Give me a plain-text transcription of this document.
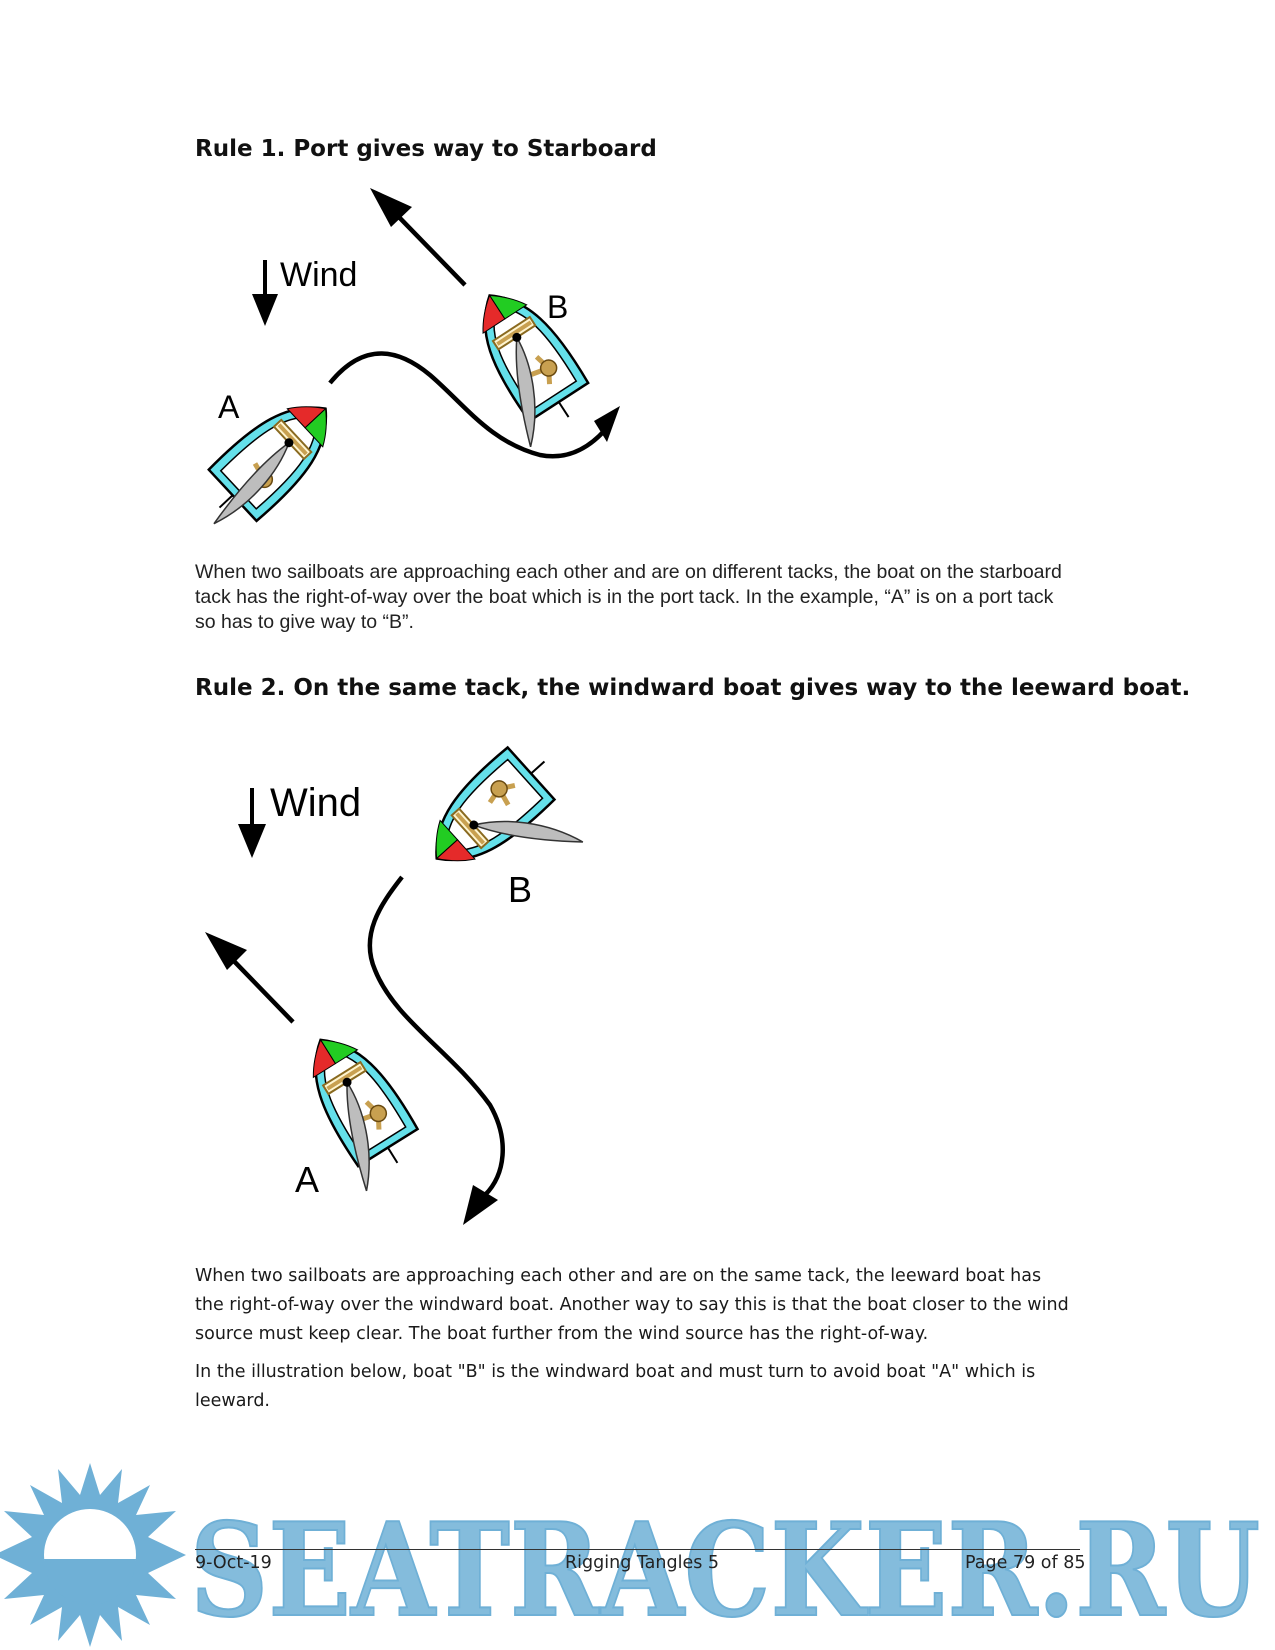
Rule 1. Port gives way to Starboard
Wind
A
B

When two sailboats are approaching each other and are on different tacks, the boat on the starboard tack has the right-of-way over the boat which is in the port tack. In the example, “A” is on a port tack so has to give way to “B”.

Rule 2. On the same tack, the windward boat gives way to the leeward boat.
Wind
B
A

When two sailboats are approaching each other and are on the same tack, the leeward boat has the right-of-way over the windward boat. Another way to say this is that the boat closer to the wind source must keep clear. The boat further from the wind source has the right-of-way.

In the illustration below, boat "B" is the windward boat and must turn to avoid boat "A" which is leeward.

SEATRACKER.RU
9-Oct-19	Rigging Tangles 5	Page 79 of 85
